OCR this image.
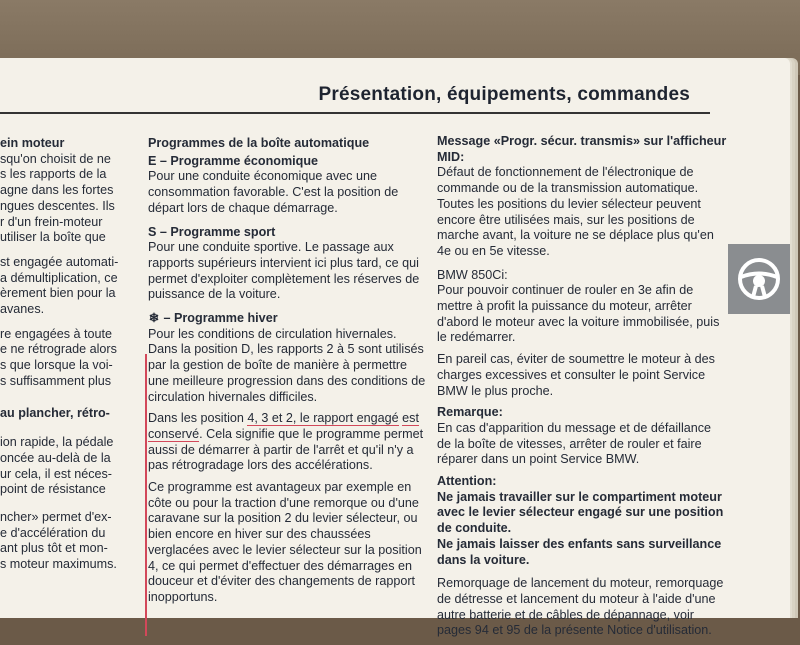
Présentation, équipements, commandes
ein moteur
squ'on choisit de ne
s les rapports de la
agne dans les fortes
ngues descentes. Ils
r d'un frein-moteur
utiliser la boîte que
st engagée automati-
a démultiplication, ce
èrement bien pour la
avanes.
re engagées à toute
e ne rétrograde alors
s que lorsque la voi-
s suffisamment plus
au plancher, rétro-
ion rapide, la pédale
oncée au-delà de la
ur cela, il est néces-
point de résistance
ncher» permet d'ex-
e d'accélération du
ant plus tôt et mon-
s moteur maximums.

Programmes de la boîte automatique

E – Programme économique

Pour une conduite économique avec une consommation favorable. C'est la position de départ lors de chaque démarrage.

S – Programme sport

Pour une conduite sportive. Le passage aux rapports supérieurs intervient ici plus tard, ce qui permet d'exploiter complètement les réserves de puissance de la voiture.

❄ – Programme hiver

Pour les conditions de circulation hivernales. Dans la position D, les rapports 2 à 5 sont utilisés par la gestion de boîte de manière à permettre une meilleure progression dans des conditions de circulation hivernales difficiles.

Dans les position 4, 3 et 2, le rapport engagé est conservé. Cela signifie que le programme permet aussi de démarrer à partir de l'arrêt et qu'il n'y a pas rétrogradage lors des accélérations.

Ce programme est avantageux par exemple en côte ou pour la traction d'une remorque ou d'une caravane sur la position 2 du levier sélecteur, ou bien encore en hiver sur des chaussées verglacées avec le levier sélecteur sur la position 4, ce qui permet d'effectuer des démarrages en douceur et d'éviter des changements de rapport inopportuns.

Message «Progr. sécur. transmis» sur l'afficheur MID:

Défaut de fonctionnement de l'électronique de commande ou de la transmission automatique. Toutes les positions du levier sélecteur peuvent encore être utilisées mais, sur les positions de marche avant, la voiture ne se déplace plus qu'en 4e ou en 5e vitesse.

BMW 850Ci:

Pour pouvoir continuer de rouler en 3e afin de mettre à profit la puissance du moteur, arrêter d'abord le moteur avec la voiture immobilisée, puis le redémarrer.

En pareil cas, éviter de soumettre le moteur à des charges excessives et consulter le point Service BMW le plus proche.

Remarque:

En cas d'apparition du message et de défaillance de la boîte de vitesses, arrêter de rouler et faire réparer dans un point Service BMW.

Attention:
Ne jamais travailler sur le compartiment moteur avec le levier sélecteur engagé sur une position de conduite.

Ne jamais laisser des enfants sans surveillance dans la voiture.

Remorquage de lancement du moteur, remorquage de détresse et lancement du moteur à l'aide d'une autre batterie et de câbles de dépannage, voir pages 94 et 95 de la présente Notice d'utilisation.
